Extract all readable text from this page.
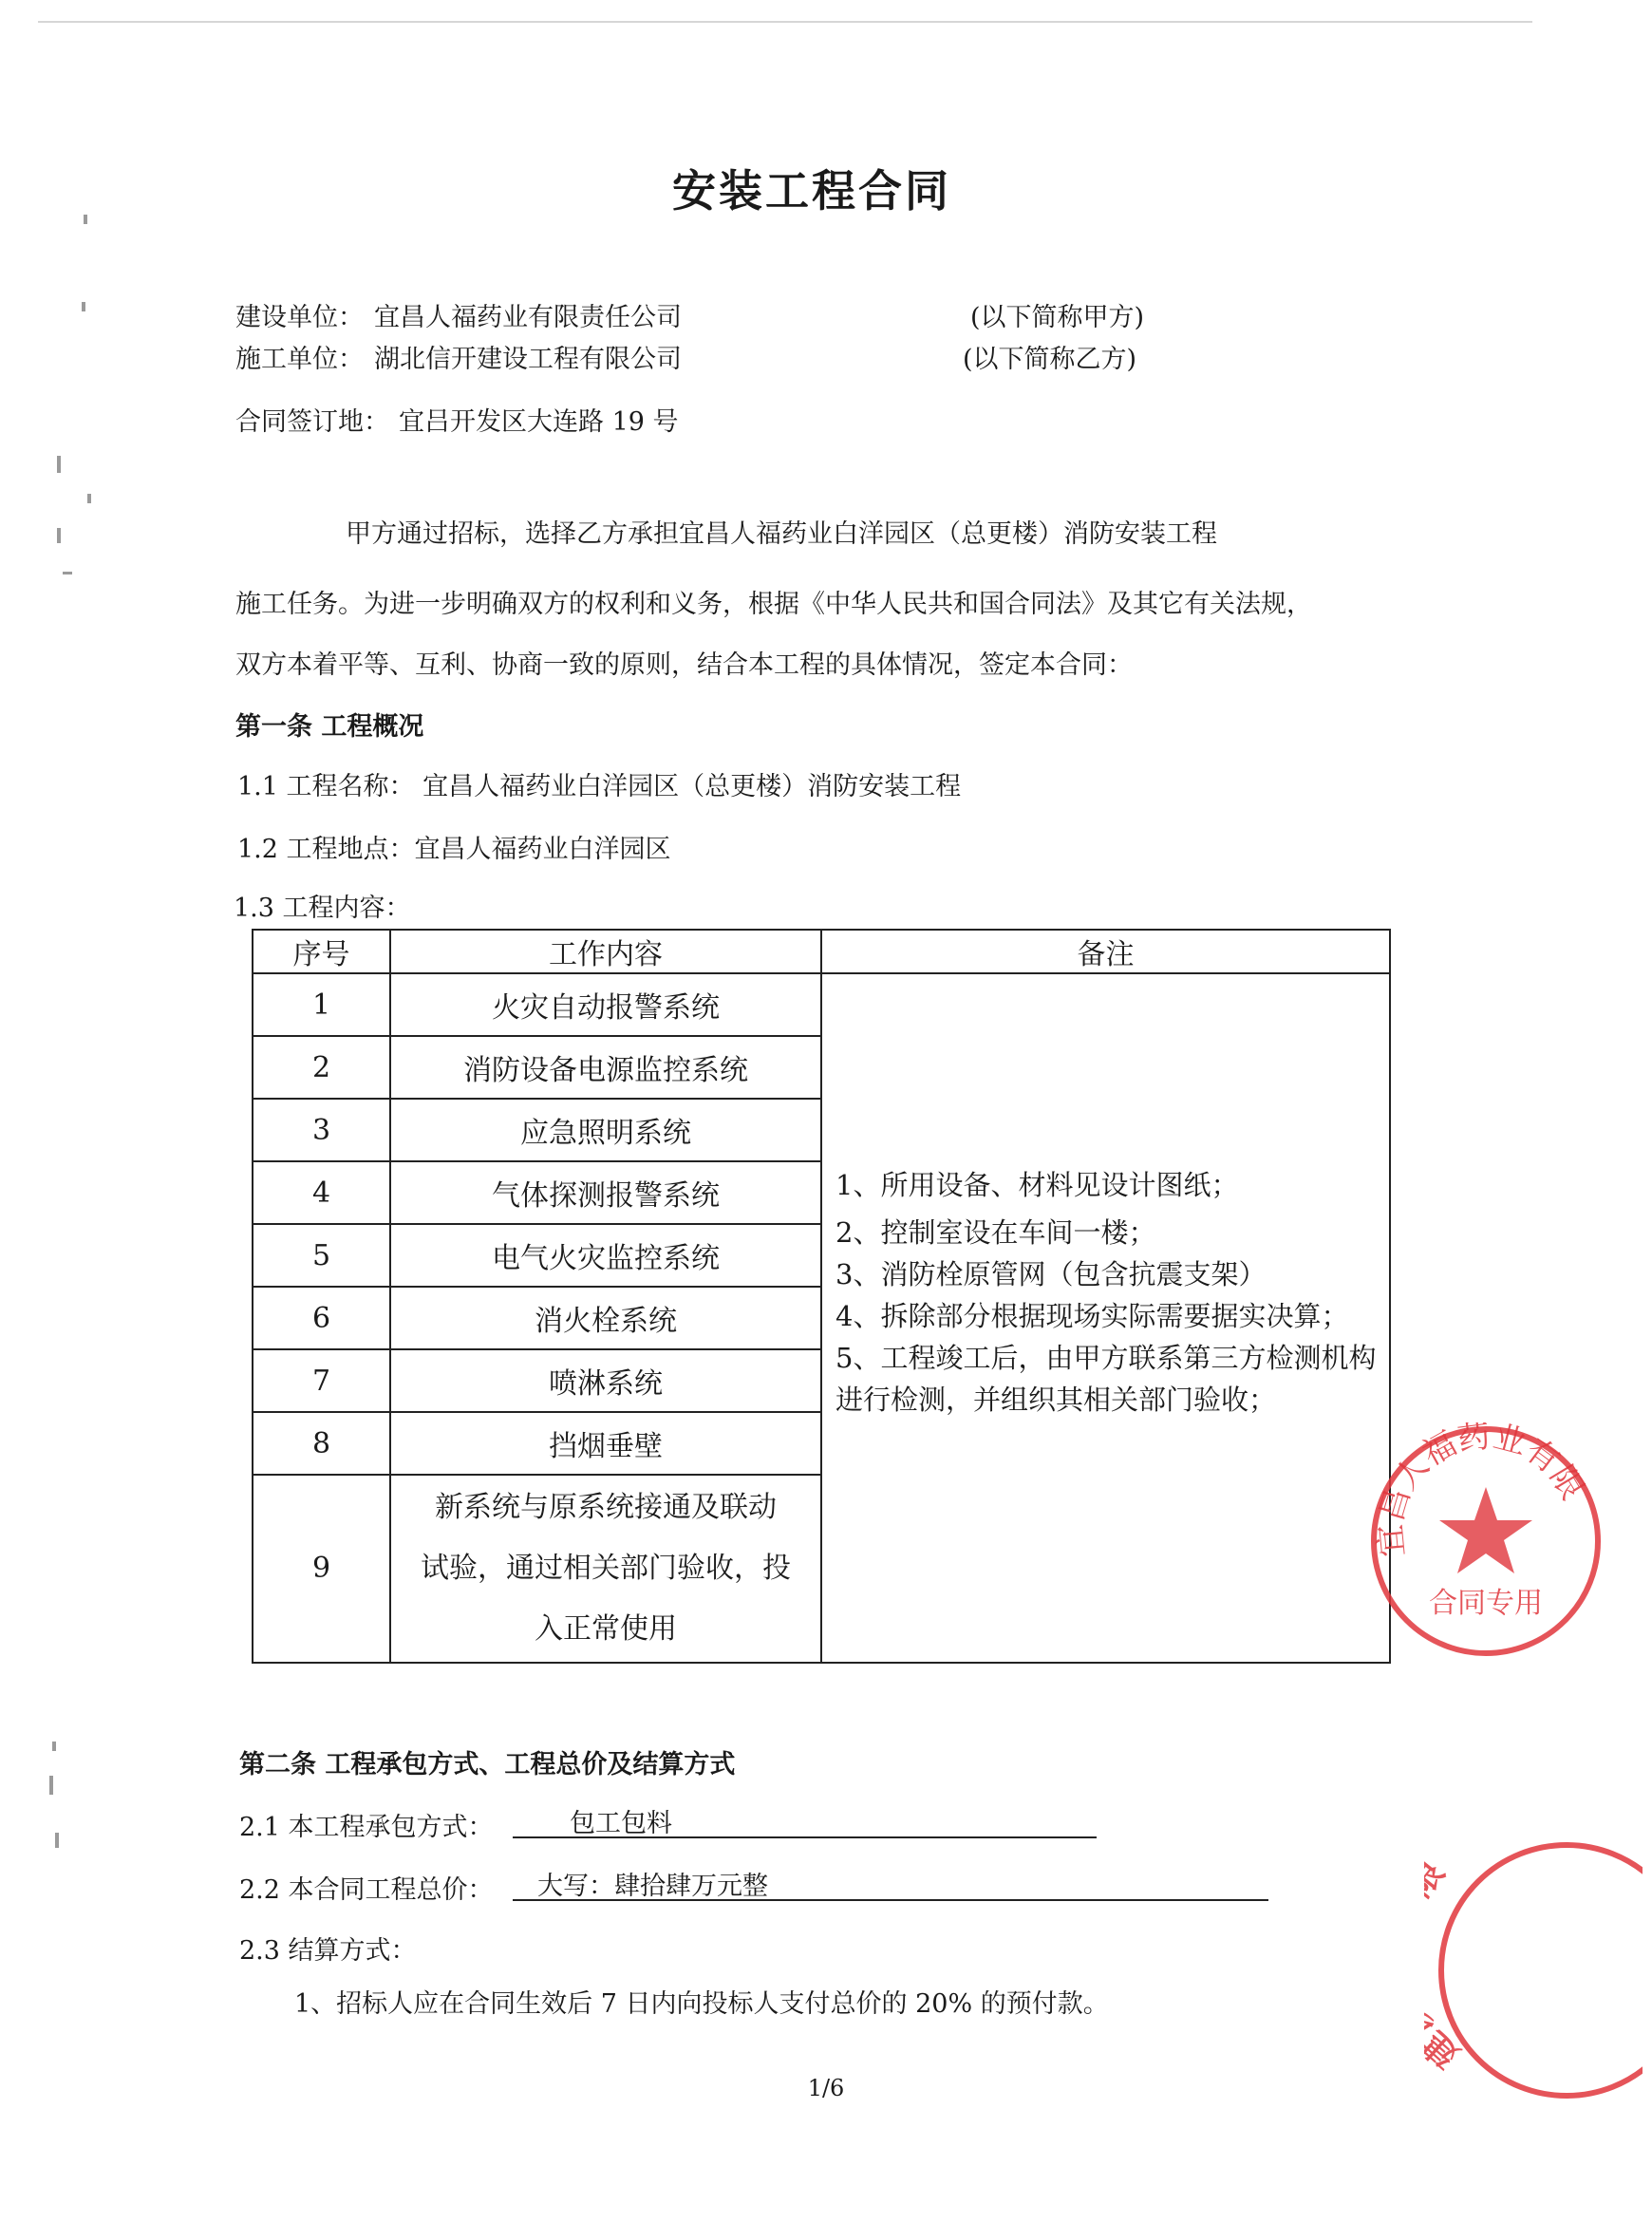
安装工程合同
建设单位： 宜昌人福药业有限责任公司	(以下简称甲方)
施工单位： 湖北信开建设工程有限公司	(以下简称乙方)
合同签订地： 宜吕开发区大连路 19 号
甲方通过招标，选择乙方承担宜昌人福药业白洋园区（总更楼）消防安装工程
施工任务。为进一步明确双方的权利和义务，根据《中华人民共和国合同法》及其它有关法规，
双方本着平等、互利、协商一致的原则，结合本工程的具体情况，签定本合同：
第一条 工程概况
1.1 工程名称： 宜昌人福药业白洋园区（总更楼）消防安装工程
1.2 工程地点：宜昌人福药业白洋园区
1.3 工程内容：
序号	工作内容	备注
1	火灾自动报警系统	1、所用设备、材料见设计图纸；
2、控制室设在车间一楼；
3、消防栓原管网（包含抗震支架）
4、拆除部分根据现场实际需要据实决算；
5、工程竣工后，由甲方联系第三方检测机构进行检测，并组织其相关部门验收；

2	消防设备电源监控系统	
3	应急照明系统	
4	气体探测报警系统	
5	电气火灾监控系统	
6	消火栓系统	
7	喷淋系统	
8	挡烟垂壁	
9	新系统与原系统接通及联动
试验，通过相关部门验收，投
入正常使用	
第二条 工程承包方式、工程总价及结算方式
2.1 本工程承包方式：	包工包料
2.2 本合同工程总价： 大写：肆拾肆万元整
2.3 结算方式：
1、招标人应在合同生效后 7 日内向投标人支付总价的 20% 的预付款。
1/6
合同专用
宜昌人福药业有限
